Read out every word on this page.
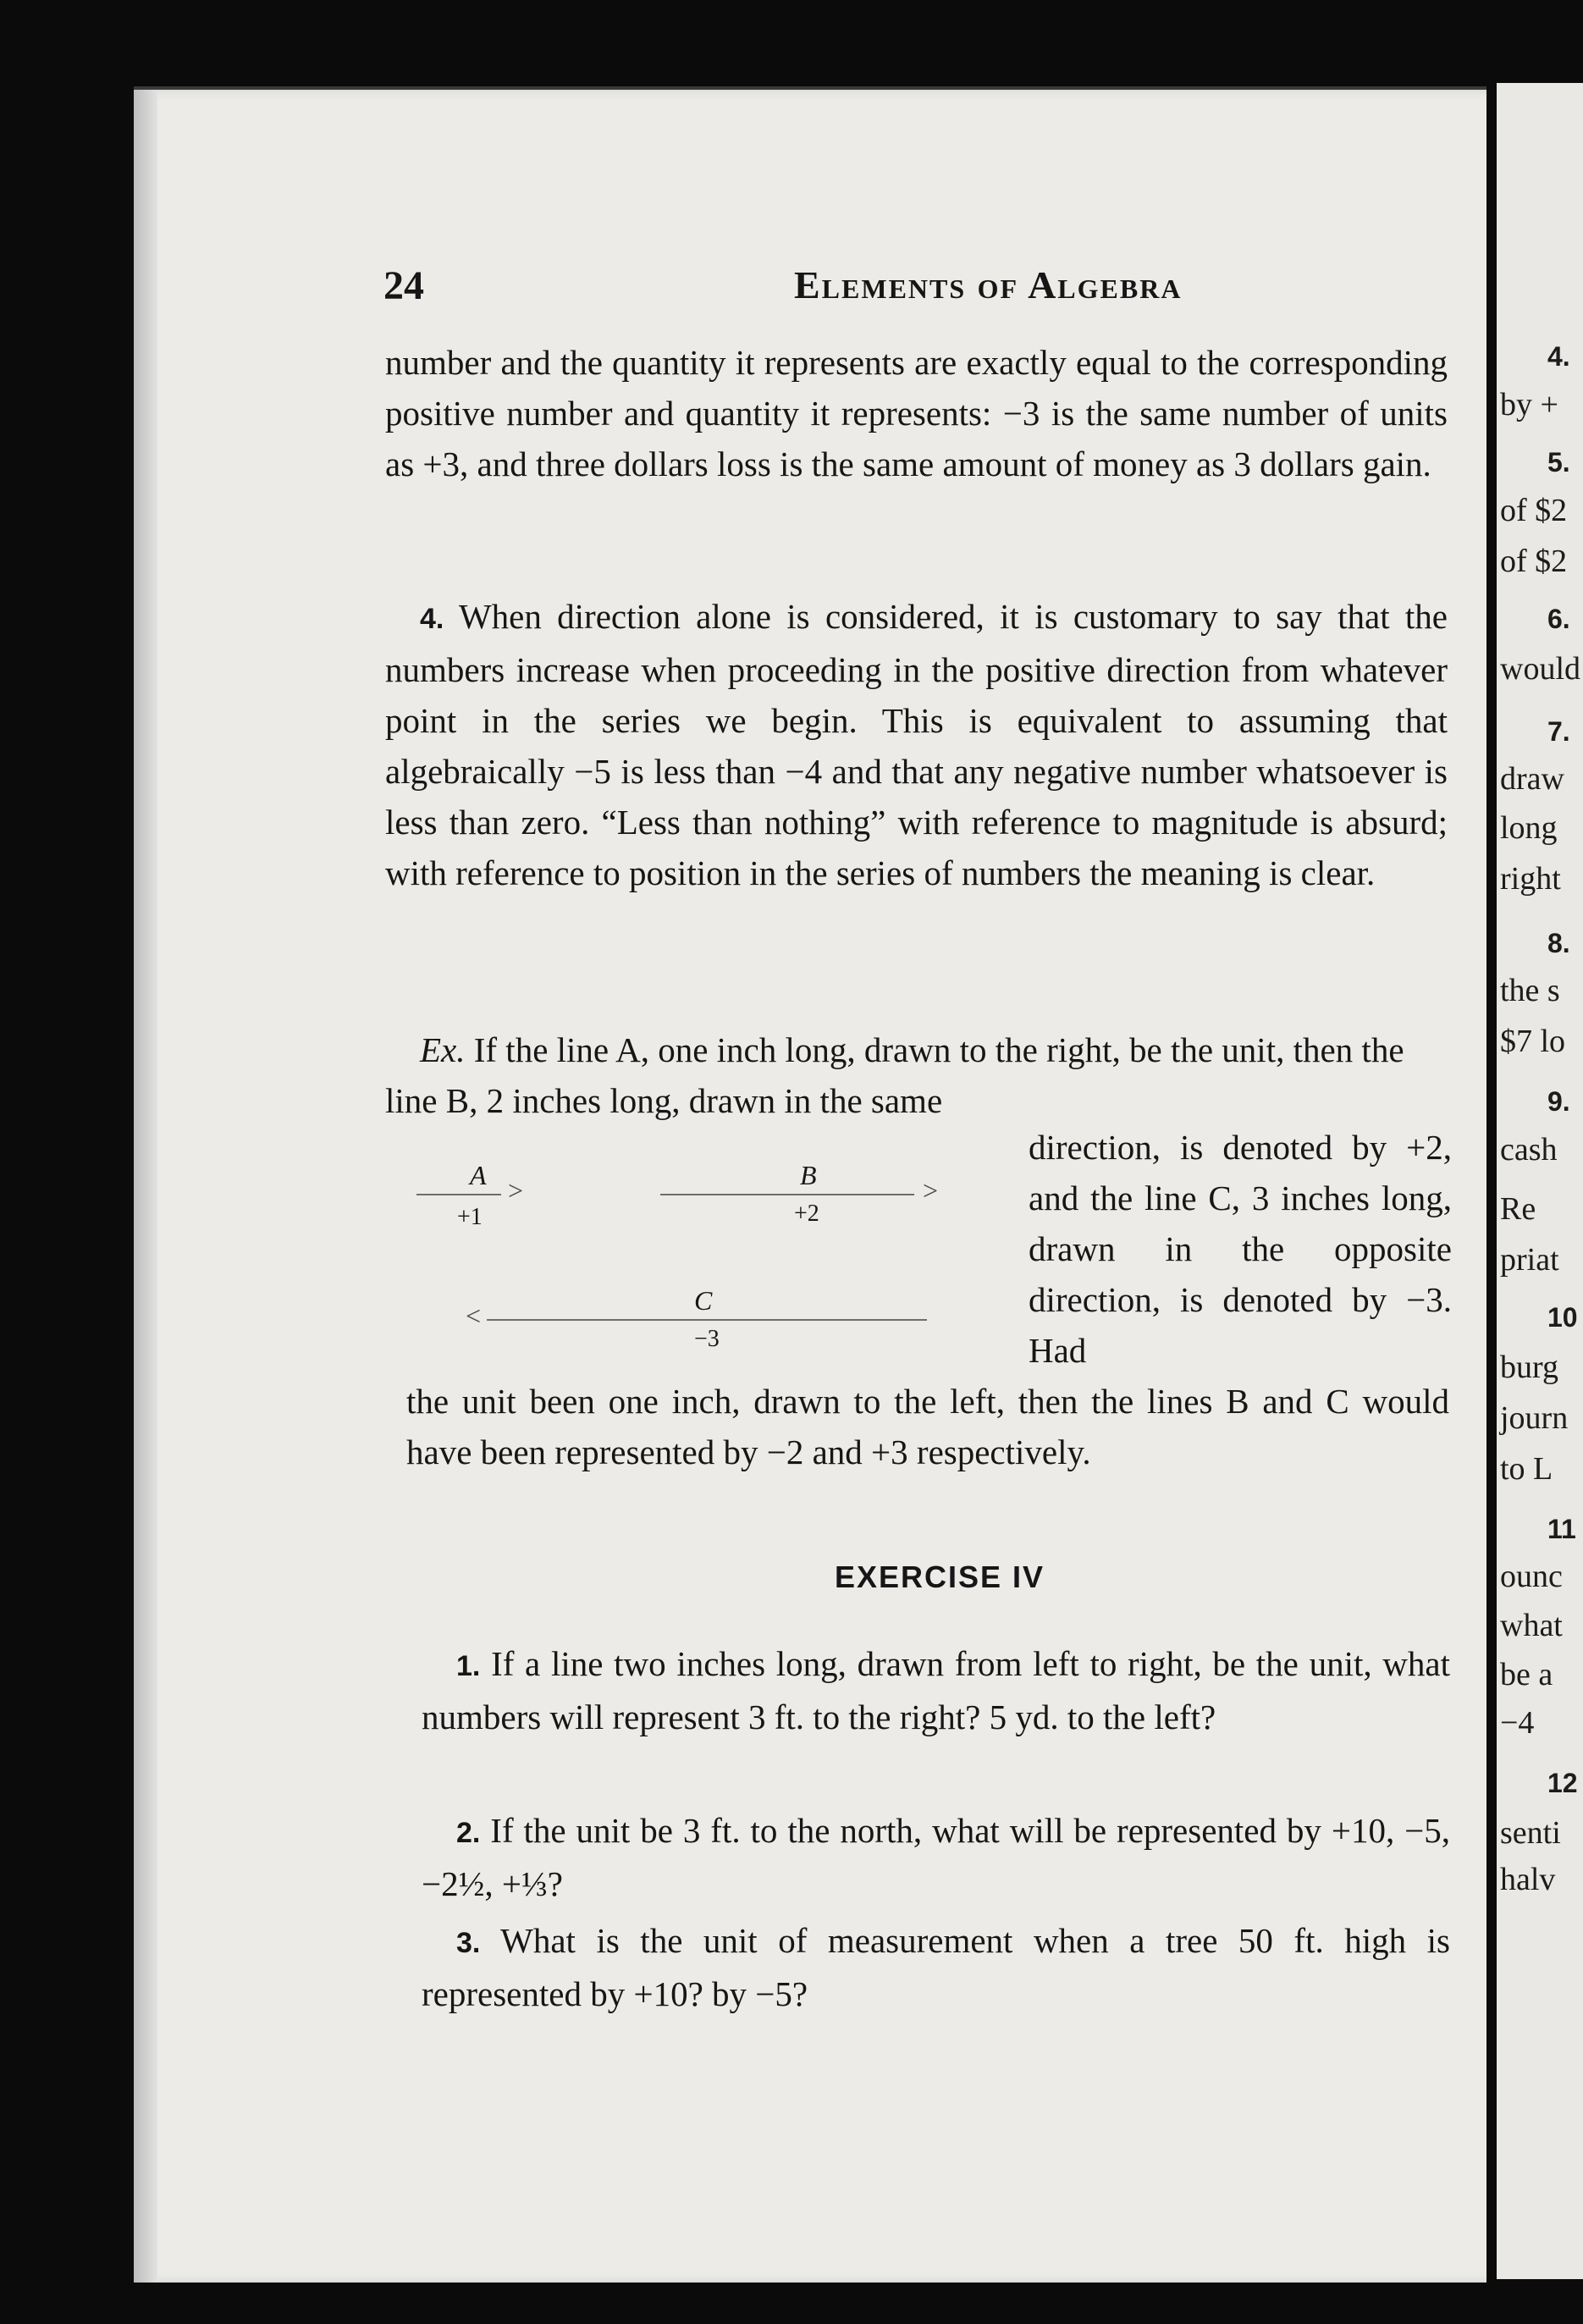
4.
by +
5.
of $2
of $2
6.
would
7.
draw
long
right
8.
the s
$7 lo
9.
cash
Re
priat
10
burg
journ
to L
11
ounc
what
be a
−4
12
senti
halv
24	Elements of Algebra

number and the quantity it represents are exactly equal to the corresponding positive number and quantity it represents: −3 is the same number of units as +3, and three dollars loss is the same amount of money as 3 dollars gain.

 4. When direction alone is considered, it is customary to say that the numbers increase when proceeding in the positive direction from whatever point in the series we begin. This is equivalent to assuming that algebraically −5 is less than −4 and that any negative number whatsoever is less than zero. “Less than nothing” with reference to magnitude is absurd; with reference to position in the series of numbers the meaning is clear.

 Ex. If the line A, one inch long, drawn to the right, be the unit, then the line B, 2 inches long, drawn in the same
direction, is denoted by +2, and the line C, 3 inches long, drawn in the opposite direction, is denoted by −3. Had
>
A
+1
>
B
+2
<	C
−3
the unit been one inch, drawn to the left, then the lines B and C would have been represented by −2 and +3 respectively.
EXERCISE IV
 1. If a line two inches long, drawn from left to right, be the unit, what numbers will represent 3 ft. to the right? 5 yd. to the left?
 2. If the unit be 3 ft. to the north, what will be represented by +10, −5, −2½, +⅓?
 3. What is the unit of measurement when a tree 50 ft. high is represented by +10? by −5?
